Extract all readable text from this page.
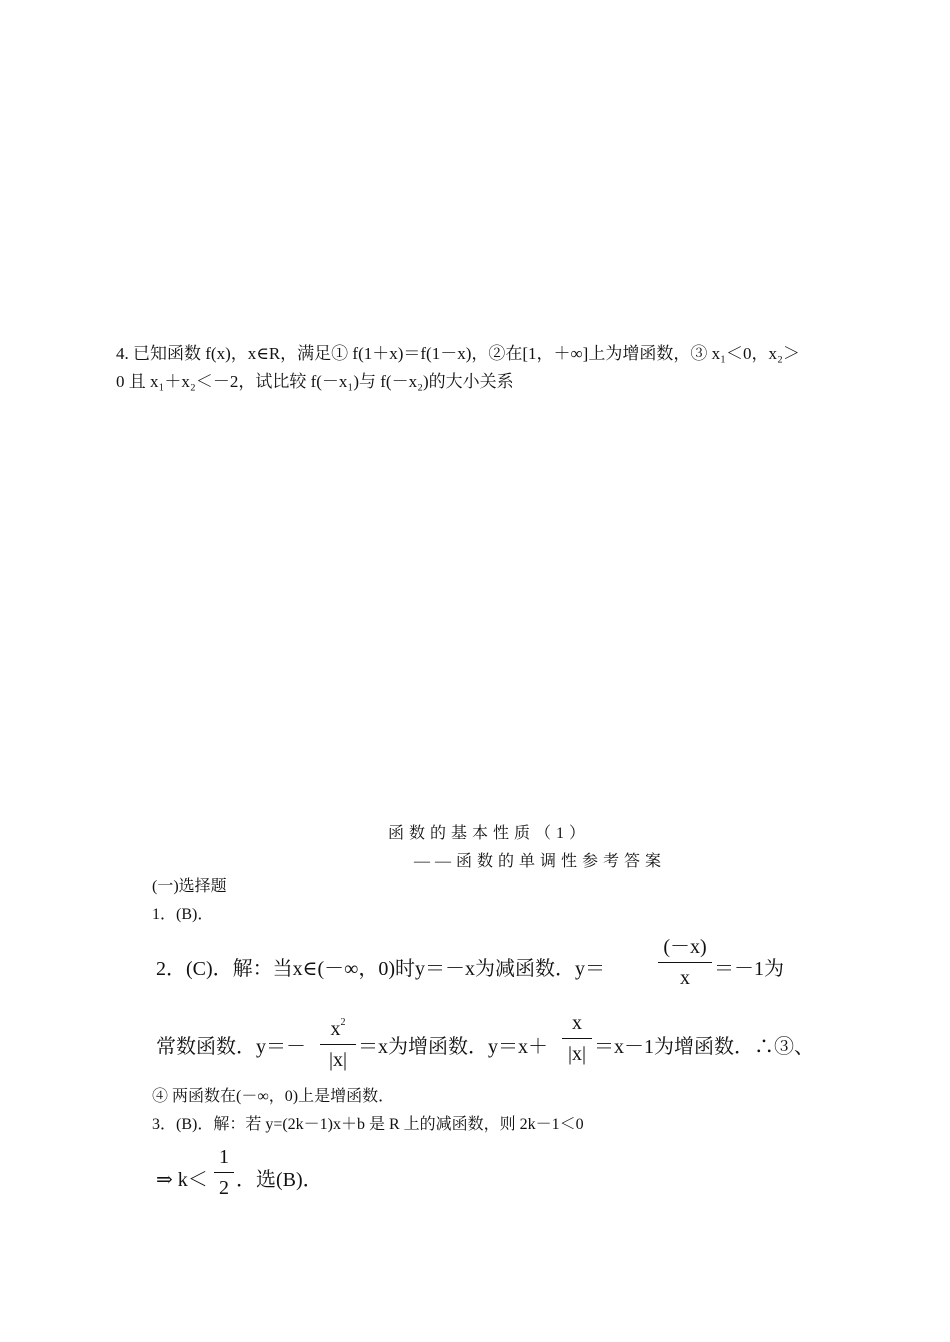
4. 已知函数 f(x)，x∈R，满足① f(1＋x)＝f(1－x)，②在[1，＋∞]上为增函数，③ x₁＜0，x₂＞
0 且 x₁＋x₂＜－2，试比较 f(－x₁)与 f(－x₂)的大小关系
函数的基本性质（1）
——函数的单调性参考答案
(一)选择题
1．(B)．
2．(C)．解：当x∈(－∞，0)时y＝－x为减函数．y＝
(－x)
x	＝－1为
常数函数．y＝－
$x^2$
|x|
＝x为增函数．y＝x＋
x
|x| ＝x－1为增函数．∴③、
④ 两函数在(－∞，0)上是增函数．
3．(B)．解：若 y=(2k－1)x＋b 是 R 上的减函数，则 2k－1＜0
⇒ k＜
1
2 ．选(B)．
